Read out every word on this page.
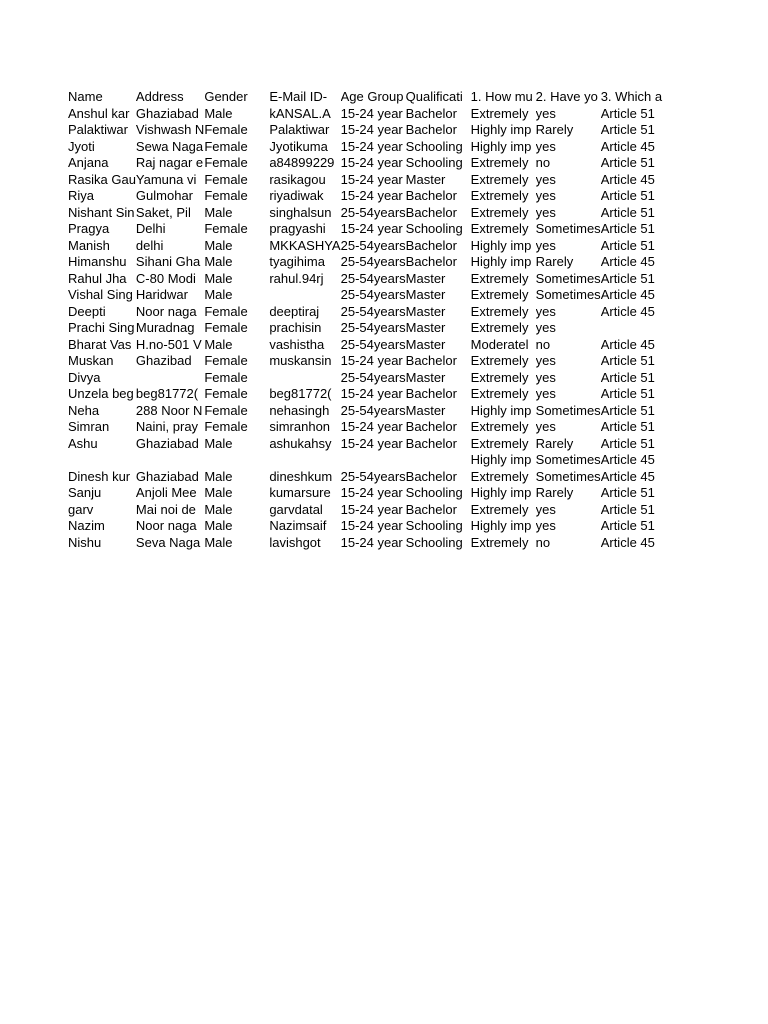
Name	Address	Gender	E-Mail ID-	Age Group	Qualificati	1. How mu	2. Have yo	3. Which a
Anshul kar	Ghaziabad	Male	kANSAL.A	15-24 year	Bachelor	Extremely	yes	Article 51
Palaktiwar	Vishwash N	Female	Palaktiwar	15-24 year	Bachelor	Highly imp	Rarely	Article 51
Jyoti	Sewa Naga	Female	Jyotikuma	15-24 year	Schooling	Highly imp	yes	Article 45
Anjana	Raj nagar e	Female	a84899229	15-24 year	Schooling	Extremely	no	Article 51
Rasika Gau	Yamuna vi	Female	rasikagou	15-24 year	Master	Extremely	yes	Article 45
Riya	Gulmohar	Female	riyadiwak	15-24 year	Bachelor	Extremely	yes	Article 51
Nishant Sin	Saket, Pil	Male	singhalsun	25-54years	Bachelor	Extremely	yes	Article 51
Pragya	Delhi	Female	pragyashi	15-24 year	Schooling	Extremely	Sometimes	Article 51
Manish	delhi	Male	MKKASHYA	25-54years	Bachelor	Highly imp	yes	Article 51
Himanshu	Sihani Gha	Male	tyagihima	25-54years	Bachelor	Highly imp	Rarely	Article 45
Rahul Jha	C-80 Modi	Male	rahul.94rj	25-54years	Master	Extremely	Sometimes	Article 51
Vishal Sing	Haridwar	Male		25-54years	Master	Extremely	Sometimes	Article 45
Deepti	Noor naga	Female	deeptiraj	25-54years	Master	Extremely	yes	Article 45
Prachi Sing	Muradnag	Female	prachisin	25-54years	Master	Extremely	yes	
Bharat Vas	H.no-501 V	Male	vashistha	25-54years	Master	Moderatel	no	Article 45
Muskan	Ghazibad	Female	muskansin	15-24 year	Bachelor	Extremely	yes	Article 51
Divya		Female		25-54years	Master	Extremely	yes	Article 51
Unzela beg	beg81772(	Female	beg81772(	15-24 year	Bachelor	Extremely	yes	Article 51
Neha	288 Noor N	Female	nehasingh	25-54years	Master	Highly imp	Sometimes	Article 51
Simran	Naini, pray	Female	simranhon	15-24 year	Bachelor	Extremely	yes	Article 51
Ashu	Ghaziabad	Male	ashukahsy	15-24 year	Bachelor	Extremely	Rarely	Article 51
						Highly imp	Sometimes	Article 45
Dinesh kur	Ghaziabad	Male	dineshkum	25-54years	Bachelor	Extremely	Sometimes	Article 45
Sanju	Anjoli Mee	Male	kumarsure	15-24 year	Schooling	Highly imp	Rarely	Article 51
garv	Mai noi de	Male	garvdatal	15-24 year	Bachelor	Extremely	yes	Article 51
Nazim	Noor naga	Male	Nazimsaif	15-24 year	Schooling	Highly imp	yes	Article 51
Nishu	Seva Naga	Male	lavishgot	15-24 year	Schooling	Extremely	no	Article 45
